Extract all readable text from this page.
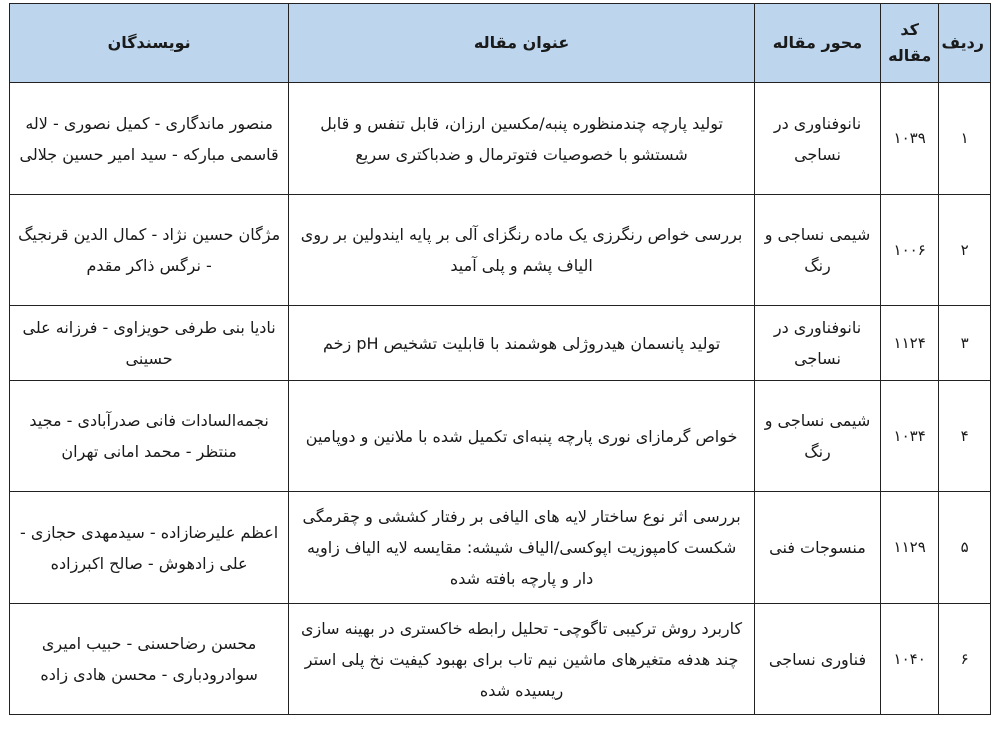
ردیف	کد مقاله	محور مقاله	عنوان مقاله	نویسندگان
۱	۱۰۳۹	نانوفناوری در نساجی	تولید پارچه چندمنظوره پنبه/مکسین ارزان، قابل تنفس و قابل شستشو با خصوصیات فتوترمال و ضدباکتری سریع	منصور ماندگاری - کمیل نصوری - لاله قاسمی مبارکه - سید امیر حسین جلالی
۲	۱۰۰۶	شیمی نساجی و رنگ	بررسی خواص رنگرزی یک ماده رنگزای آلی بر پایه ایندولین بر روی الیاف پشم و پلی آمید	مژگان حسین نژاد - کمال الدین قرنجیگ - نرگس ذاکر مقدم
۳	۱۱۲۴	نانوفناوری در نساجی	تولید پانسمان هیدروژلی هوشمند با قابلیت تشخیص pH زخم	نادیا بنی طرفی حویزاوی - فرزانه علی حسینی
۴	۱۰۳۴	شیمی نساجی و رنگ	خواص گرمازای نوری پارچه پنبه‌ای تکمیل شده با ملانین و دوپامین	نجمه‌السادات فانی صدرآبادی - مجید منتظر - محمد امانی تهران
۵	۱۱۲۹	منسوجات فنی	بررسی اثر نوع ساختار لایه های الیافی بر رفتار کششی و چقرمگی شکست کامپوزیت اپوکسی/الیاف شیشه: مقایسه لایه الیاف زاویه دار و پارچه بافته شده	اعظم علیرضازاده - سیدمهدی حجازی - علی زادهوش - صالح اکبرزاده
۶	۱۰۴۰	فناوری نساجی	کاربرد روش ترکیبی تاگوچی- تحلیل رابطه خاکستری در بهینه سازی چند هدفه متغیرهای ماشین نیم تاب برای بهبود کیفیت نخ پلی استر ریسیده شده	محسن رضاحسنی - حبیب امیری سوادرودباری - محسن هادی زاده
